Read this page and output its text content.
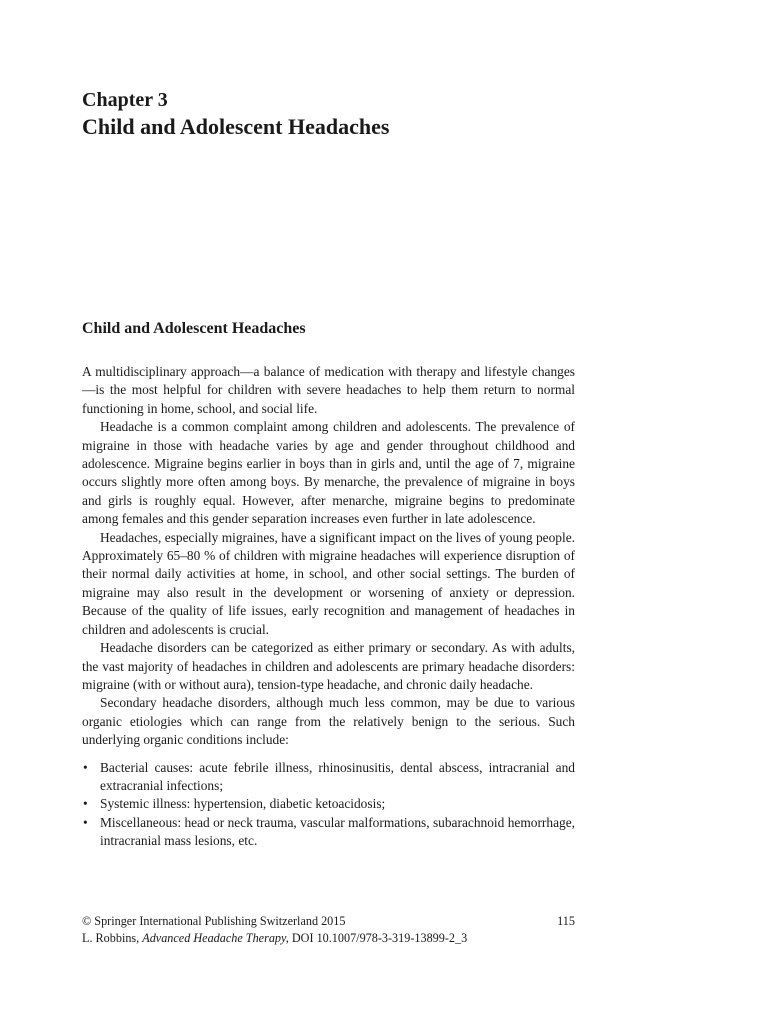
Chapter 3
Child and Adolescent Headaches
Child and Adolescent Headaches

A multidisciplinary approach—a balance of medication with therapy and lifestyle changes—is the most helpful for children with severe headaches to help them return to normal functioning in home, school, and social life.

Headache is a common complaint among children and adolescents. The prevalence of migraine in those with headache varies by age and gender throughout childhood and adolescence. Migraine begins earlier in boys than in girls and, until the age of 7, migraine occurs slightly more often among boys. By menarche, the prevalence of migraine in boys and girls is roughly equal. However, after menarche, migraine begins to predominate among females and this gender separation increases even further in late adolescence.

Headaches, especially migraines, have a significant impact on the lives of young people. Approximately 65–80 % of children with migraine headaches will experience disruption of their normal daily activities at home, in school, and other social settings. The burden of migraine may also result in the development or worsening of anxiety or depression. Because of the quality of life issues, early recognition and management of headaches in children and adolescents is crucial.

Headache disorders can be categorized as either primary or secondary. As with adults, the vast majority of headaches in children and adolescents are primary headache disorders: migraine (with or without aura), tension-type headache, and chronic daily headache.

Secondary headache disorders, although much less common, may be due to various organic etiologies which can range from the relatively benign to the serious. Such underlying organic conditions include:

• Bacterial causes: acute febrile illness, rhinosinusitis, dental abscess, intracranial and extracranial infections;
• Systemic illness: hypertension, diabetic ketoacidosis;
• Miscellaneous: head or neck trauma, vascular malformations, subarachnoid hemorrhage, intracranial mass lesions, etc.
© Springer International Publishing Switzerland 2015	115
L. Robbins, Advanced Headache Therapy, DOI 10.1007/978-3-319-13899-2_3
